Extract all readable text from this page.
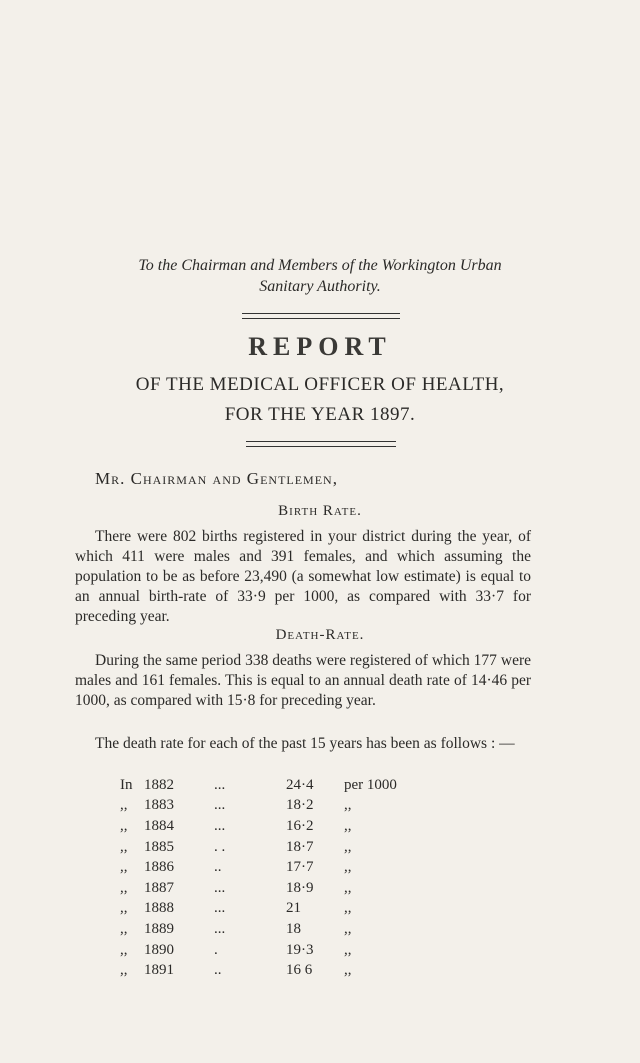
To the Chairman and Members of the Workington Urban
Sanitary Authority.
REPORT
OF THE MEDICAL OFFICER OF HEALTH,
FOR THE YEAR 1897.
Mr. Chairman and Gentlemen,
Birth Rate.

There were 802 births registered in your district during the year, of which 411 were males and 391 females, and which assuming the population to be as before 23,490 (a somewhat low estimate) is equal to an annual birth-rate of 33·9 per 1000, as compared with 33·7 for preceding year.

Death-Rate.

During the same period 338 deaths were registered of which 177 were males and 161 females. This is equal to an annual death rate of 14·46 per 1000, as compared with 15·8 for preceding year.

The death rate for each of the past 15 years has been as follows : —

In	1882	...	24·4	per 1000
,,	1883	...	18·2	,,
,,	1884	...	16·2	,,
,,	1885	. .	18·7	,,
,,	1886	..	17·7	,,
,,	1887	...	18·9	,,
,,	1888	...	21	,,
,,	1889	...	18	,,
,,	1890	.	19·3	,,
,,	1891	..	16 6	,,
